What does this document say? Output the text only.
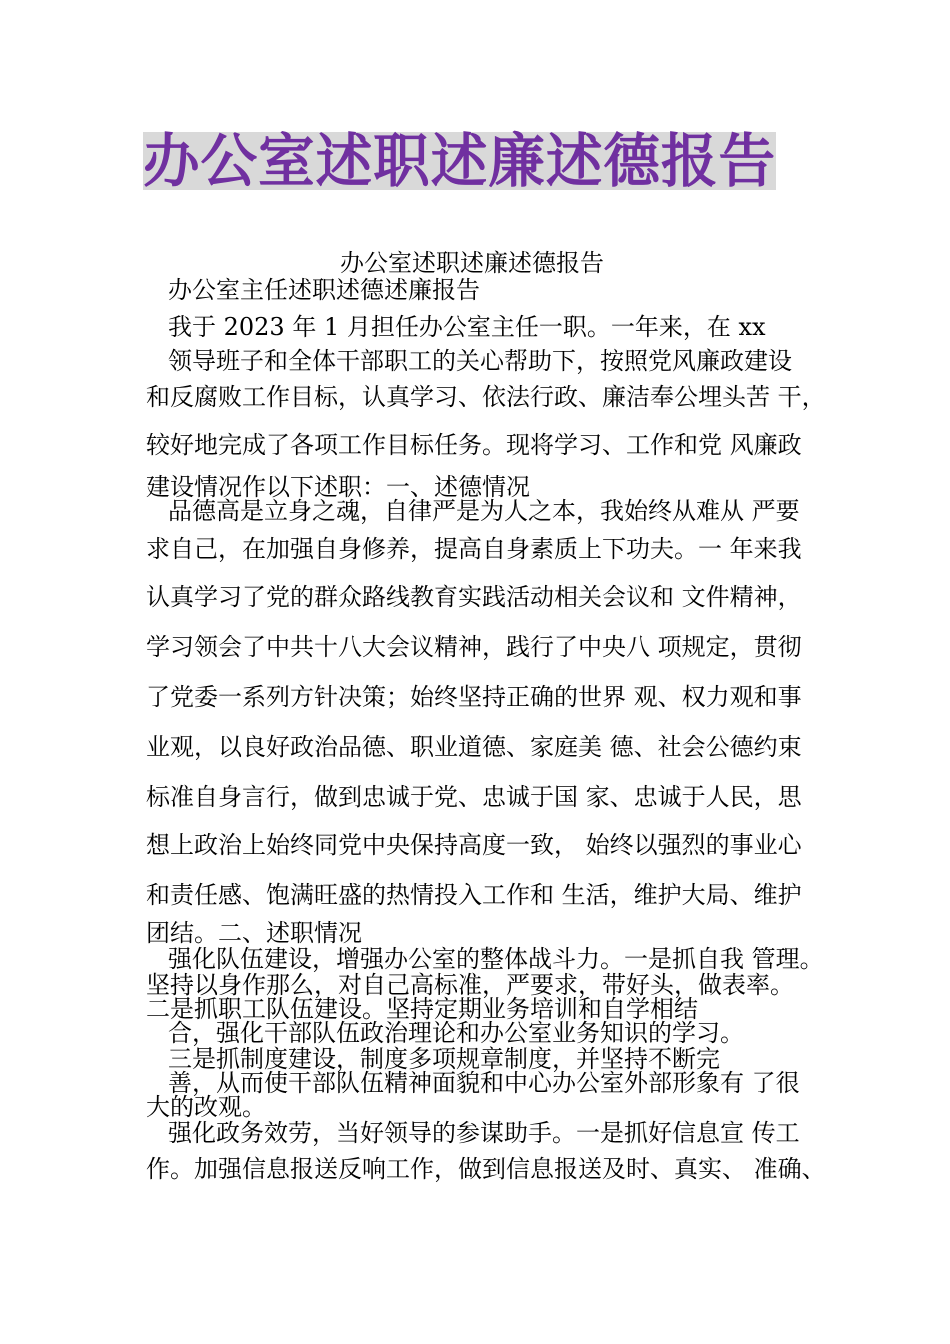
办公室述职述廉述德报告
办公室述职述廉述德报告
办公室主任述职述德述廉报告
我于 2023 年 1 月担任办公室主任一职。一年来，在 xx
领导班子和全体干部职工的关心帮助下，按照党风廉政建设
和反腐败工作目标，认真学习、依法行政、廉洁奉公埋头苦 干，
较好地完成了各项工作目标任务。现将学习、工作和党 风廉政
建设情况作以下述职：一、述德情况
品德高是立身之魂，自律严是为人之本，我始终从难从 严要
求自己，在加强自身修养，提高自身素质上下功夫。一 年来我
认真学习了党的群众路线教育实践活动相关会议和 文件精神，
学习领会了中共十八大会议精神，践行了中央八 项规定，贯彻
了党委一系列方针决策；始终坚持正确的世界 观、权力观和事
业观，以良好政治品德、职业道德、家庭美 德、社会公德约束
标准自身言行，做到忠诚于党、忠诚于国 家、忠诚于人民，思
想上政治上始终同党中央保持高度一致， 始终以强烈的事业心
和责任感、饱满旺盛的热情投入工作和 生活，维护大局、维护
团结。二、述职情况
强化队伍建设，增强办公室的整体战斗力。一是抓自我 管理。
坚持以身作那么，对自己高标准，严要求，带好头，做表率。
二是抓职工队伍建设。坚持定期业务培训和自学相结
合，强化干部队伍政治理论和办公室业务知识的学习。
三是抓制度建设，制度多项规章制度，并坚持不断完
善，从而使干部队伍精神面貌和中心办公室外部形象有 了很
大的改观。
强化政务效劳，当好领导的参谋助手。一是抓好信息宣 传工
作。加强信息报送反响工作，做到信息报送及时、真实、 准确、
